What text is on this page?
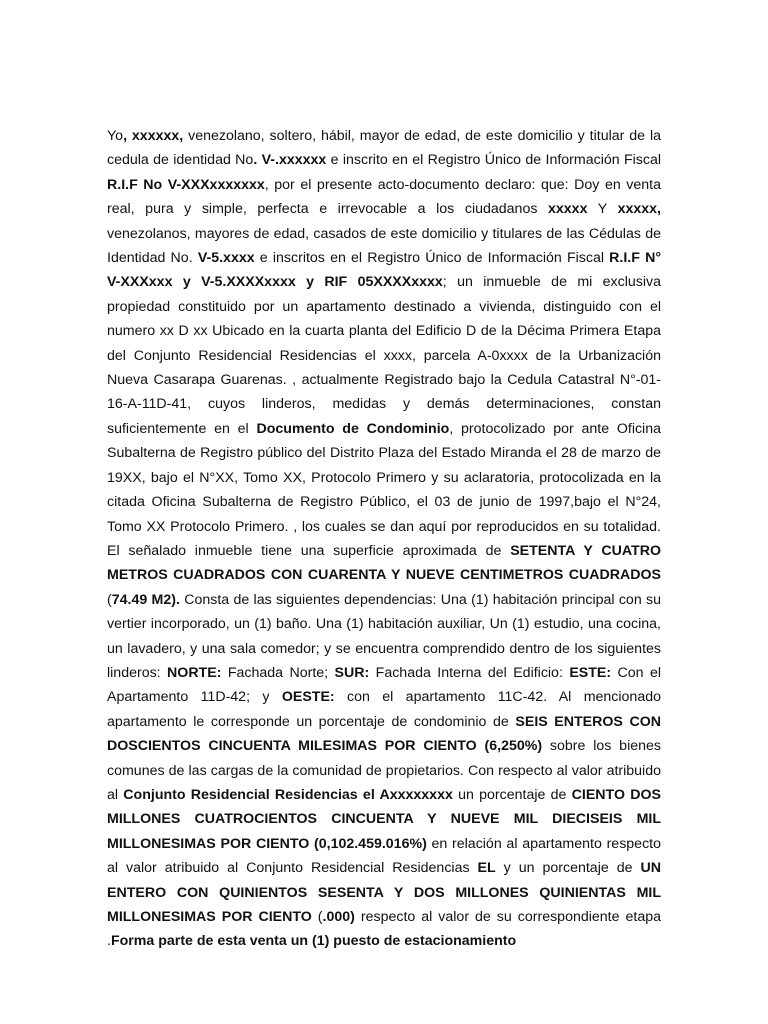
Yo, xxxxxx, venezolano, soltero, hábil, mayor de edad, de este domicilio y titular de la cedula de identidad No. V-.xxxxxx e inscrito en el Registro Único de Información Fiscal R.I.F No V-XXXxxxxxxx, por el presente acto-documento declaro: que: Doy en venta real, pura y simple, perfecta e irrevocable a los ciudadanos xxxxx Y xxxxx, venezolanos, mayores de edad, casados de este domicilio y titulares de las Cédulas de Identidad No. V-5.xxxx e inscritos en el Registro Único de Información Fiscal R.I.F N° V-XXXxxx y V-5.XXXXxxxx y RIF 05XXXXxxxx; un inmueble de mi exclusiva propiedad constituido por un apartamento destinado a vivienda, distinguido con el numero xx D xx Ubicado en la cuarta planta del Edificio D de la Décima Primera Etapa del Conjunto Residencial Residencias el xxxx, parcela A-0xxxx de la Urbanización Nueva Casarapa Guarenas. , actualmente Registrado bajo la Cedula Catastral N°-01-16-A-11D-41, cuyos linderos, medidas y demás determinaciones, constan suficientemente en el Documento de Condominio, protocolizado por ante Oficina Subalterna de Registro público del Distrito Plaza del Estado Miranda el 28 de marzo de 19XX, bajo el N°XX, Tomo XX, Protocolo Primero y su aclaratoria, protocolizada en la citada Oficina Subalterna de Registro Público, el 03 de junio de 1997,bajo el N°24, Tomo XX Protocolo Primero. , los cuales se dan aquí por reproducidos en su totalidad. El señalado inmueble tiene una superficie aproximada de SETENTA Y CUATRO METROS CUADRADOS CON CUARENTA Y NUEVE CENTIMETROS CUADRADOS (74.49 M2). Consta de las siguientes dependencias: Una (1) habitación principal con su vertier incorporado, un (1) baño. Una (1) habitación auxiliar, Un (1) estudio, una cocina, un lavadero, y una sala comedor; y se encuentra comprendido dentro de los siguientes linderos: NORTE: Fachada Norte; SUR: Fachada Interna del Edificio: ESTE: Con el Apartamento 11D-42; y OESTE: con el apartamento 11C-42. Al mencionado apartamento le corresponde un porcentaje de condominio de SEIS ENTEROS CON DOSCIENTOS CINCUENTA MILESIMAS POR CIENTO (6,250%) sobre los bienes comunes de las cargas de la comunidad de propietarios. Con respecto al valor atribuido al Conjunto Residencial Residencias el Axxxxxxxx un porcentaje de CIENTO DOS MILLONES CUATROCIENTOS CINCUENTA Y NUEVE MIL DIECISEIS MIL MILLONESIMAS POR CIENTO (0,102.459.016%) en relación al apartamento respecto al valor atribuido al Conjunto Residencial Residencias EL y un porcentaje de UN ENTERO CON QUINIENTOS SESENTA Y DOS MILLONES QUINIENTAS MIL MILLONESIMAS POR CIENTO (.000) respecto al valor de su correspondiente etapa .Forma parte de esta venta un (1) puesto de estacionamiento
